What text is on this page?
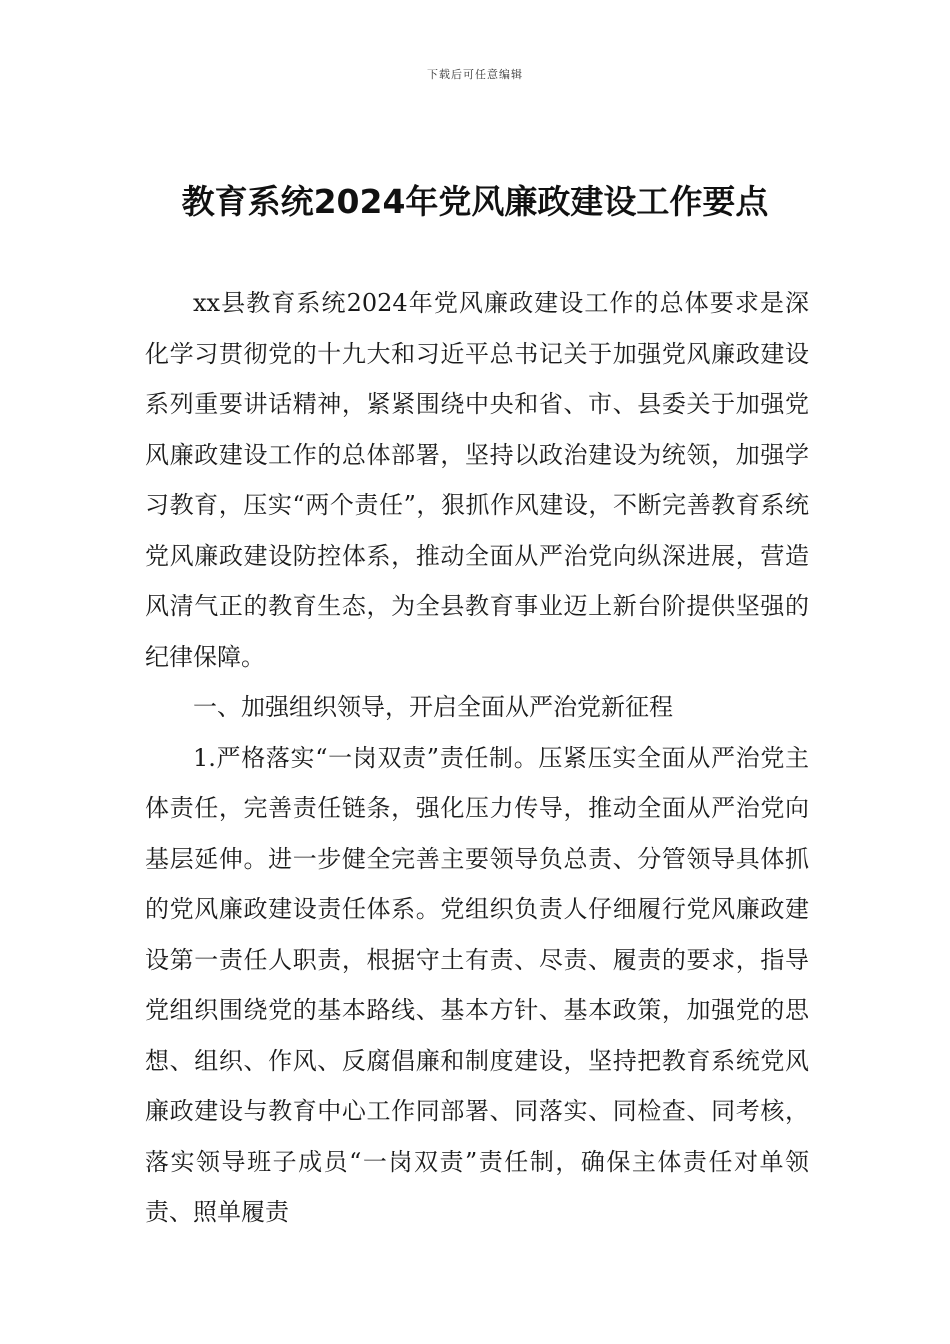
下载后可任意编辑
教育系统2024年党风廉政建设工作要点

xx县教育系统2024年党风廉政建设工作的总体要求是深化学习贯彻党的十九大和习近平总书记关于加强党风廉政建设系列重要讲话精神，紧紧围绕中央和省、市、县委关于加强党风廉政建设工作的总体部署，坚持以政治建设为统领，加强学习教育，压实“两个责任”，狠抓作风建设，不断完善教育系统党风廉政建设防控体系，推动全面从严治党向纵深进展，营造风清气正的教育生态，为全县教育事业迈上新台阶提供坚强的纪律保障。

一、加强组织领导，开启全面从严治党新征程

1.严格落实“一岗双责”责任制。压紧压实全面从严治党主体责任，完善责任链条，强化压力传导，推动全面从严治党向基层延伸。进一步健全完善主要领导负总责、分管领导具体抓的党风廉政建设责任体系。党组织负责人仔细履行党风廉政建设第一责任人职责，根据守土有责、尽责、履责的要求，指导党组织围绕党的基本路线、基本方针、基本政策，加强党的思想、组织、作风、反腐倡廉和制度建设，坚持把教育系统党风廉政建设与教育中心工作同部署、同落实、同检查、同考核，落实领导班子成员“一岗双责”责任制，确保主体责任对单领责、照单履责
